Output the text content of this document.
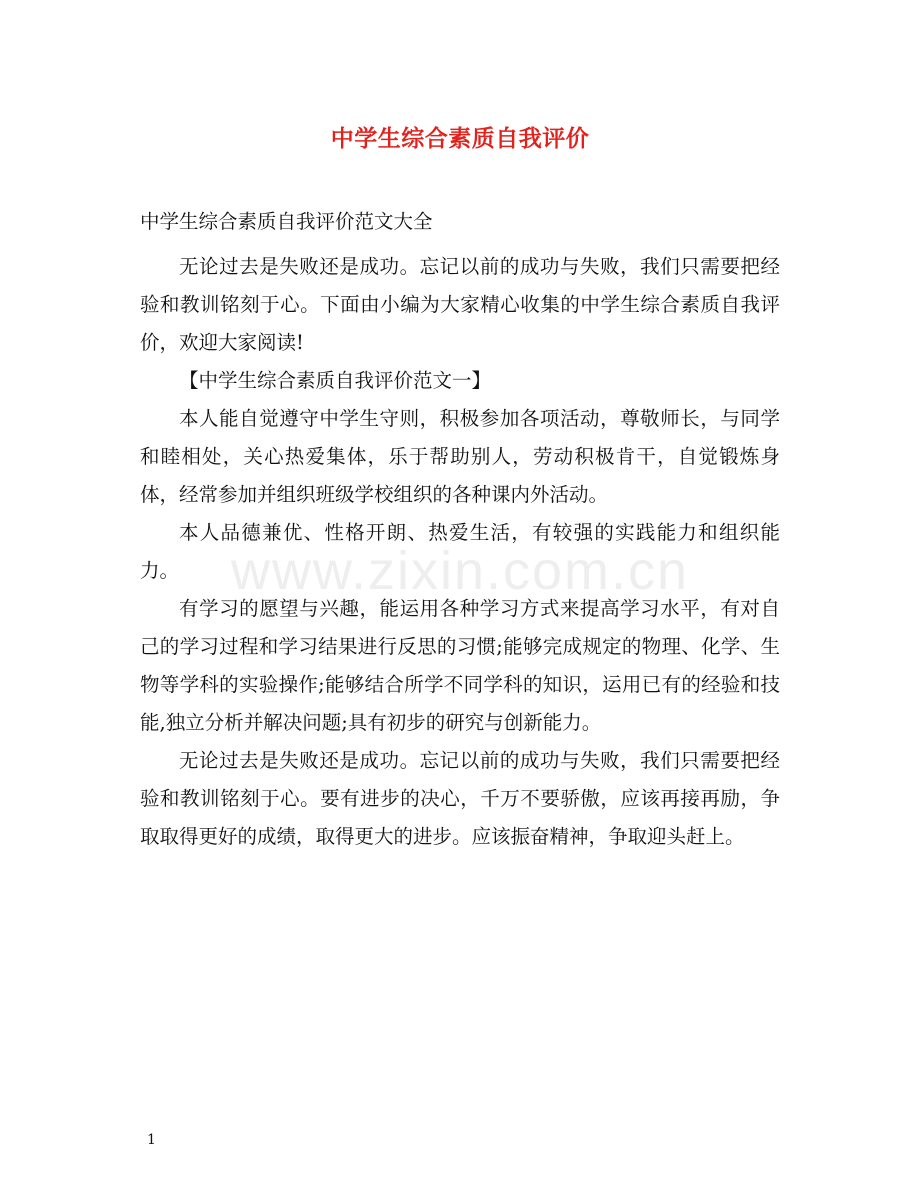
www.zixin.com.cn
中学生综合素质自我评价
中学生综合素质自我评价范文大全

无论过去是失败还是成功。忘记以前的成功与失败，我们只需要把经验和教训铭刻于心。下面由小编为大家精心收集的中学生综合素质自我评价，欢迎大家阅读!

【中学生综合素质自我评价范文一】

本人能自觉遵守中学生守则，积极参加各项活动，尊敬师长，与同学和睦相处，关心热爱集体，乐于帮助别人，劳动积极肯干，自觉锻炼身体，经常参加并组织班级学校组织的各种课内外活动。

本人品德兼优、性格开朗、热爱生活，有较强的实践能力和组织能力。

有学习的愿望与兴趣，能运用各种学习方式来提高学习水平，有对自己的学习过程和学习结果进行反思的习惯;能够完成规定的物理、化学、生物等学科的实验操作;能够结合所学不同学科的知识，运用已有的经验和技能,独立分析并解决问题;具有初步的研究与创新能力。

无论过去是失败还是成功。忘记以前的成功与失败，我们只需要把经验和教训铭刻于心。要有进步的决心，千万不要骄傲，应该再接再励，争取取得更好的成绩，取得更大的进步。应该振奋精神，争取迎头赶上。

1
